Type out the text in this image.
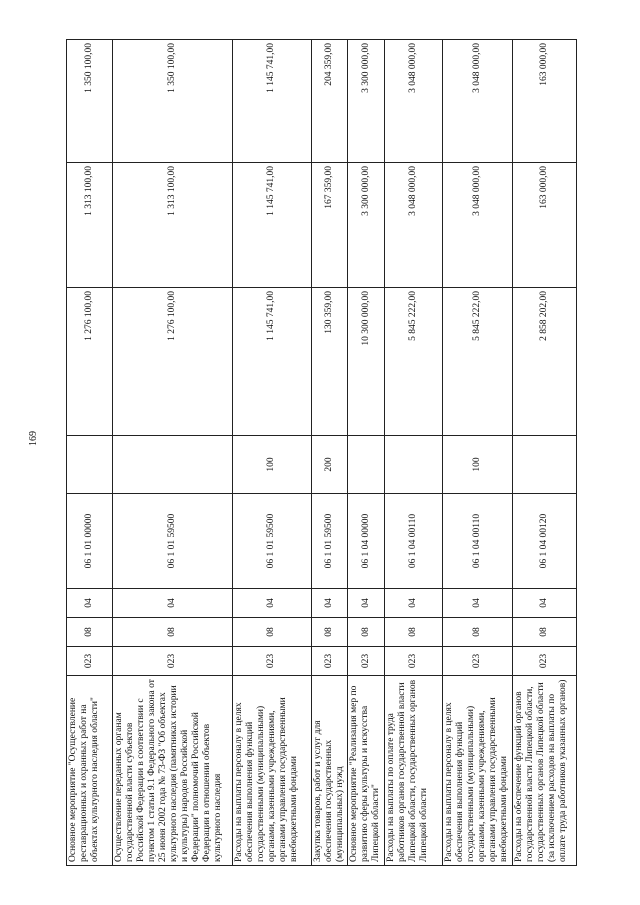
169
Основное мероприятие "Осуществление реставрационных и охранных работ на объектах культурного наследия области"	023	08	04	06 1 01 00000		1 276 100,00	1 313 100,00	1 350 100,00
Осуществление переданных органам государственной власти субъектов Российской Федерации в соответствии с пунктом 1 статьи 9.1 Федерального закона от 25 июня 2002 года № 73-ФЗ "Об объектах культурного наследия (памятниках истории и культуры) народов Российской Федерации" полномочий Российской Федерации в отношении объектов культурного наследия	023	08	04	06 1 01 59500		1 276 100,00	1 313 100,00	1 350 100,00
Расходы на выплаты персоналу в целях обеспечения выполнения функций государственными (муниципальными) органами, казенными учреждениями, органами управления государственными внебюджетными фондами	023	08	04	06 1 01 59500	100	1 145 741,00	1 145 741,00	1 145 741,00
Закупка товаров, работ и услуг для обеспечения государственных (муниципальных) нужд	023	08	04	06 1 01 59500	200	130 359,00	167 359,00	204 359,00
Основное мероприятие "Реализация мер по развитию сферы культуры и искусства Липецкой области"	023	08	04	06 1 04 00000		10 300 000,00	3 300 000,00	3 300 000,00
Расходы на выплаты по оплате труда работников органов государственной власти Липецкой области, государственных органов Липецкой области	023	08	04	06 1 04 00110		5 845 222,00	3 048 000,00	3 048 000,00
Расходы на выплаты персоналу в целях обеспечения выполнения функций государственными (муниципальными) органами, казенными учреждениями, органами управления государственными внебюджетными фондами	023	08	04	06 1 04 00110	100	5 845 222,00	3 048 000,00	3 048 000,00
Расходы на обеспечение функций органов государственной власти Липецкой области, государственных органов Липецкой области (за исключением расходов на выплаты по оплате труда работников указанных органов)	023	08	04	06 1 04 00120		2 858 202,00	163 000,00	163 000,00
